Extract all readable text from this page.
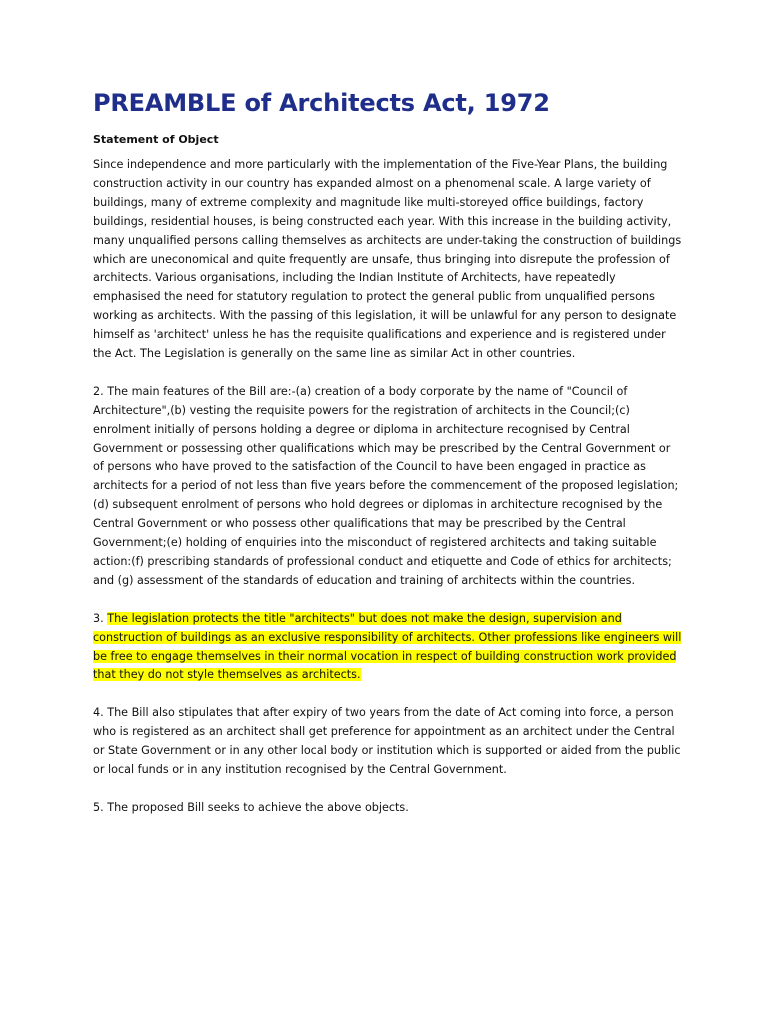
PREAMBLE of Architects Act, 1972
Statement of Object

Since independence and more particularly with the implementation of the Five-Year Plans, the building construction activity in our country has expanded almost on a phenomenal scale. A large variety of buildings, many of extreme complexity and magnitude like multi-storeyed office buildings, factory buildings, residential houses, is being constructed each year. With this increase in the building activity, many unqualified persons calling themselves as architects are under-taking the construction of buildings which are uneconomical and quite frequently are unsafe, thus bringing into disrepute the profession of architects. Various organisations, including the Indian Institute of Architects, have repeatedly emphasised the need for statutory regulation to protect the general public from unqualified persons working as architects. With the passing of this legislation, it will be unlawful for any person to designate himself as 'architect' unless he has the requisite qualifications and experience and is registered under the Act. The Legislation is generally on the same line as similar Act in other countries.

2. The main features of the Bill are:-(a) creation of a body corporate by the name of "Council of Architecture",(b) vesting the requisite powers for the registration of architects in the Council;(c) enrolment initially of persons holding a degree or diploma in architecture recognised by Central Government or possessing other qualifications which may be prescribed by the Central Government or of persons who have proved to the satisfaction of the Council to have been engaged in practice as architects for a period of not less than five years before the commencement of the proposed legislation;(d) subsequent enrolment of persons who hold degrees or diplomas in architecture recognised by the Central Government or who possess other qualifications that may be prescribed by the Central Government;(e) holding of enquiries into the misconduct of registered architects and taking suitable action:(f) prescribing standards of professional conduct and etiquette and Code of ethics for architects; and (g) assessment of the standards of education and training of architects within the countries.

3. The legislation protects the title "architects" but does not make the design, supervision and construction of buildings as an exclusive responsibility of architects. Other professions like engineers will be free to engage themselves in their normal vocation in respect of building construction work provided that they do not style themselves as architects.

4. The Bill also stipulates that after expiry of two years from the date of Act coming into force, a person who is registered as an architect shall get preference for appointment as an architect under the Central or State Government or in any other local body or institution which is supported or aided from the public or local funds or in any institution recognised by the Central Government.

5. The proposed Bill seeks to achieve the above objects.
